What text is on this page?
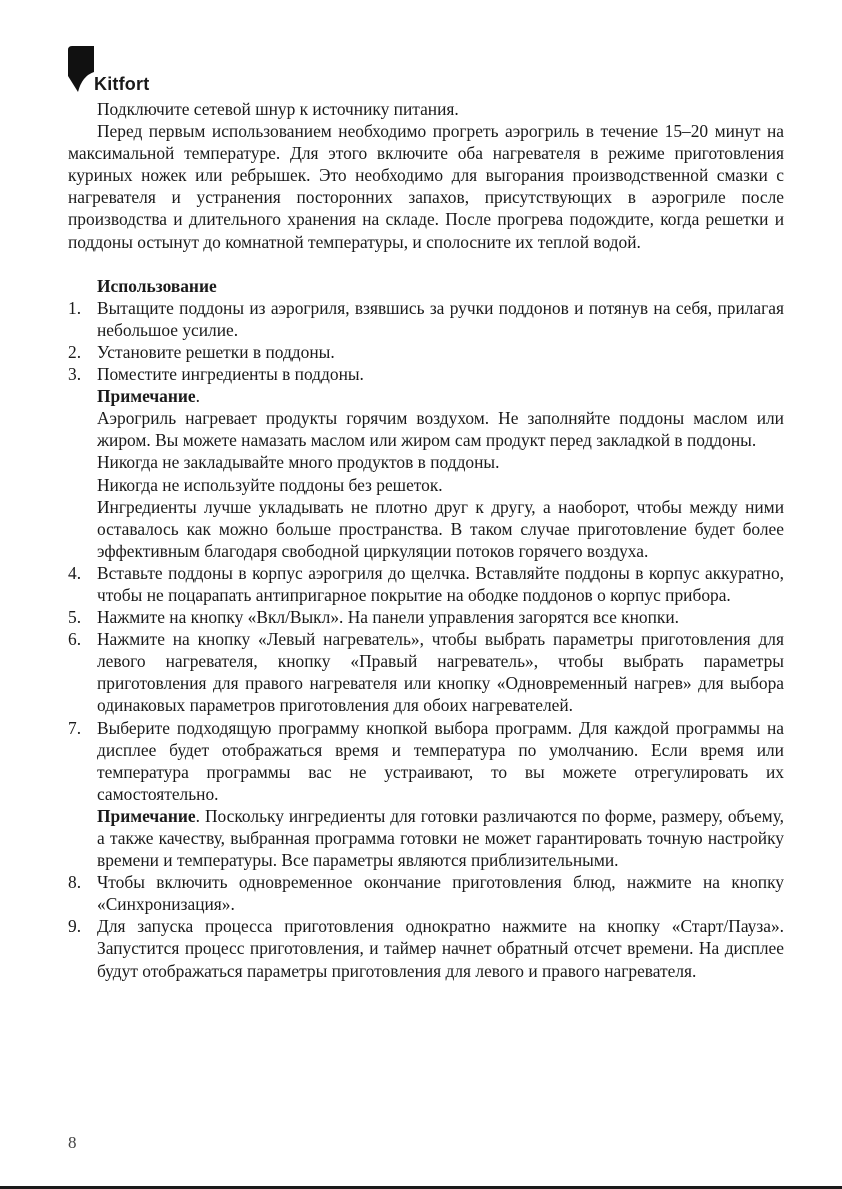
Kitfort

Подключите сетевой шнур к источнику питания.

Перед первым использованием необходимо прогреть аэрогриль в течение 15–20 минут на максимальной температуре. Для этого включите оба нагревателя в режиме приготовления куриных ножек или ребрышек. Это необходимо для выгорания производственной смазки с нагревателя и устранения посторонних запахов, присутствующих в аэрогриле после производства и длительного хранения на складе. После прогрева подождите, когда решетки и поддоны остынут до комнатной температуры, и сполосните их теплой водой.

Использование

1. Вытащите поддоны из аэрогриля, взявшись за ручки поддонов и потянув на себя, прилагая небольшое усилие.
2. Установите решетки в поддоны.
3. Поместите ингредиенты в поддоны.

Примечание.

Аэрогриль нагревает продукты горячим воздухом. Не заполняйте поддоны маслом или жиром. Вы можете намазать маслом или жиром сам продукт перед закладкой в поддоны.

Никогда не закладывайте много продуктов в поддоны.

Никогда не используйте поддоны без решеток.

Ингредиенты лучше укладывать не плотно друг к другу, а наоборот, чтобы между ними оставалось как можно больше пространства. В таком случае приготовление будет более эффективным благодаря свободной циркуляции потоков горячего воздуха.

4. Вставьте поддоны в корпус аэрогриля до щелчка. Вставляйте поддоны в корпус аккуратно, чтобы не поцарапать антипригарное покрытие на ободке поддонов о корпус прибора.
5. Нажмите на кнопку «Вкл/Выкл». На панели управления загорятся все кнопки.
6. Нажмите на кнопку «Левый нагреватель», чтобы выбрать параметры приготовления для левого нагревателя, кнопку «Правый нагреватель», чтобы выбрать параметры приготовления для правого нагревателя или кнопку «Одновременный нагрев» для выбора одинаковых параметров приготовления для обоих нагревателей.
7. Выберите подходящую программу кнопкой выбора программ. Для каждой программы на дисплее будет отображаться время и температура по умолчанию. Если время или температура программы вас не устраивают, то вы можете отрегулировать их самостоятельно.

Примечание. Поскольку ингредиенты для готовки различаются по форме, размеру, объему, а также качеству, выбранная программа готовки не может гарантировать точную настройку времени и температуры. Все параметры являются приблизительными.

8. Чтобы включить одновременное окончание приготовления блюд, нажмите на кнопку «Синхронизация».
9. Для запуска процесса приготовления однократно нажмите на кнопку «Старт/Пауза». Запустится процесс приготовления, и таймер начнет обратный отсчет времени. На дисплее будут отображаться параметры приготовления для левого и правого нагревателя.
8
